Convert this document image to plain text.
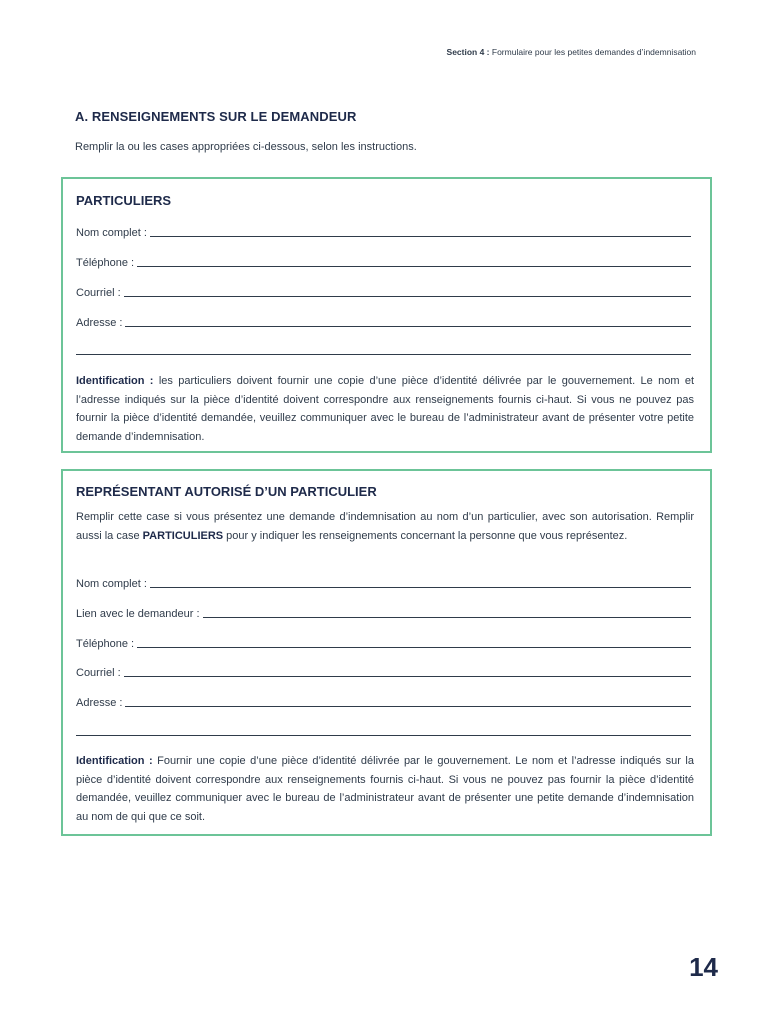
Section 4 : Formulaire pour les petites demandes d’indemnisation
A. RENSEIGNEMENTS SUR LE DEMANDEUR
Remplir la ou les cases appropriées ci-dessous, selon les instructions.
PARTICULIERS
Nom complet :
Téléphone :
Courriel :
Adresse :
Identification : les particuliers doivent fournir une copie d’une pièce d’identité délivrée par le gouvernement. Le nom et l’adresse indiqués sur la pièce d’identité doivent correspondre aux renseignements fournis ci-haut. Si vous ne pouvez pas fournir la pièce d’identité demandée, veuillez communiquer avec le bureau de l’administrateur avant de présenter votre petite demande d’indemnisation.
REPRÉSENTANT AUTORISÉ D’UN PARTICULIER
Remplir cette case si vous présentez une demande d’indemnisation au nom d’un particulier, avec son autorisation. Remplir aussi la case PARTICULIERS pour y indiquer les renseignements concernant la personne que vous représentez.
Nom complet :
Lien avec le demandeur :
Téléphone :
Courriel :
Adresse :
Identification : Fournir une copie d’une pièce d’identité délivrée par le gouvernement. Le nom et l’adresse indiqués sur la pièce d’identité doivent correspondre aux renseignements fournis ci-haut. Si vous ne pouvez pas fournir la pièce d’identité demandée, veuillez communiquer avec le bureau de l’administrateur avant de présenter une petite demande d’indemnisation au nom de qui que ce soit.
14
